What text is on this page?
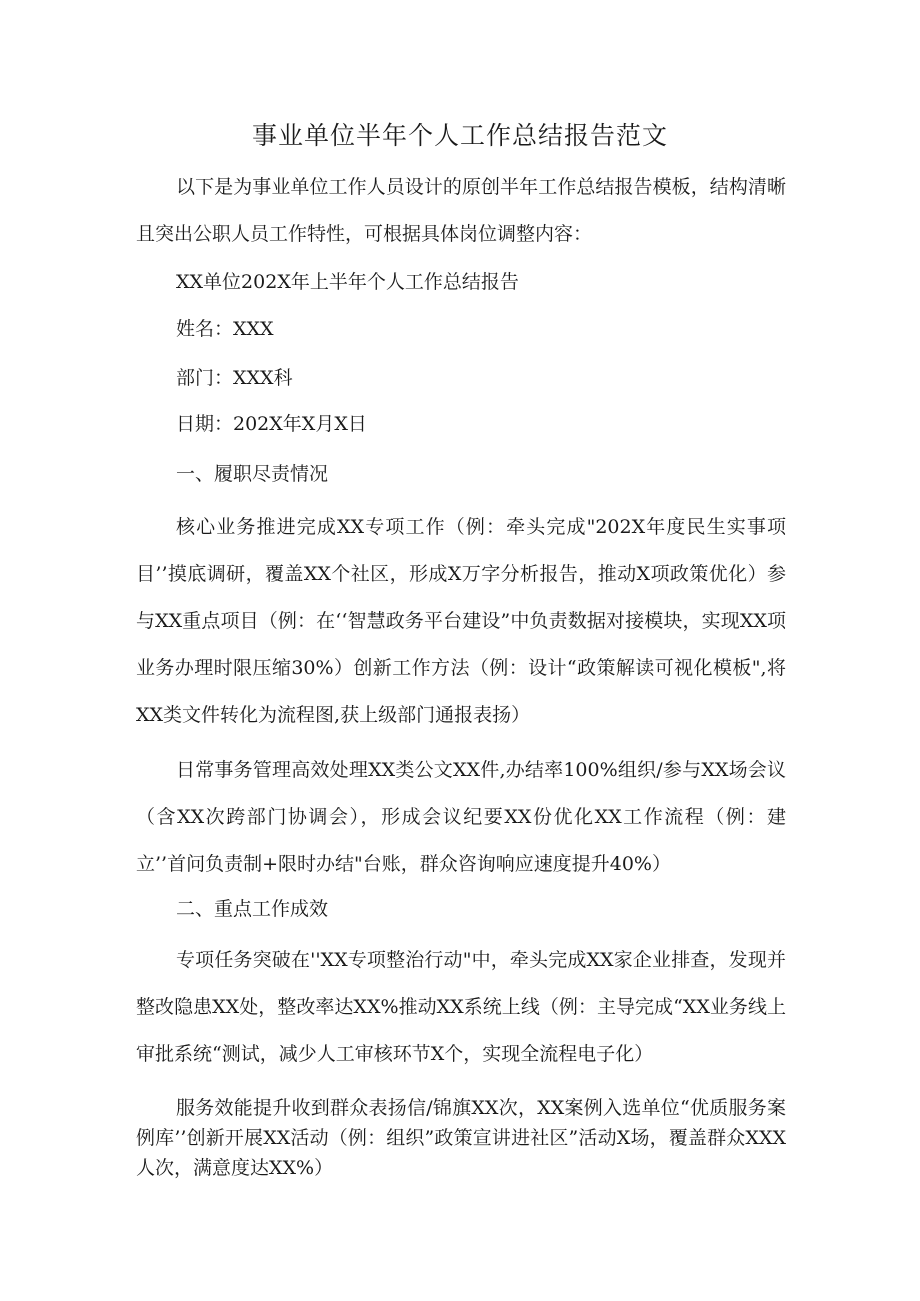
事业单位半年个人工作总结报告范文
以下是为事业单位工作人员设计的原创半年工作总结报告模板，结构清晰且突出公职人员工作特性，可根据具体岗位调整内容：
XX单位202X年上半年个人工作总结报告
姓名：XXX
部门：XXX科
日期：202X年X月X日
一、履职尽责情况
核心业务推进完成XX专项工作（例：牵头完成"202X年度民生实事项目’’摸底调研，覆盖XX个社区，形成X万字分析报告，推动X项政策优化）参与XX重点项目（例：在‘‘智慧政务平台建设”中负责数据对接模块，实现XX项业务办理时限压缩30%）创新工作方法（例：设计“政策解读可视化模板",将XX类文件转化为流程图,获上级部门通报表扬）
日常事务管理高效处理XX类公文XX件,办结率100%组织/参与XX场会议（含XX次跨部门协调会），形成会议纪要XX份优化XX工作流程（例：建立’’首问负责制+限时办结"台账，群众咨询响应速度提升40%）
二、重点工作成效
专项任务突破在''XX专项整治行动"中，牵头完成XX家企业排查，发现并整改隐患XX处，整改率达XX%推动XX系统上线（例：主导完成“XX业务线上审批系统“测试，减少人工审核环节X个，实现全流程电子化）
服务效能提升收到群众表扬信/锦旗XX次，XX案例入选单位“优质服务案例库’’创新开展XX活动（例：组织”政策宣讲进社区”活动X场，覆盖群众XXX人次，满意度达XX%）
